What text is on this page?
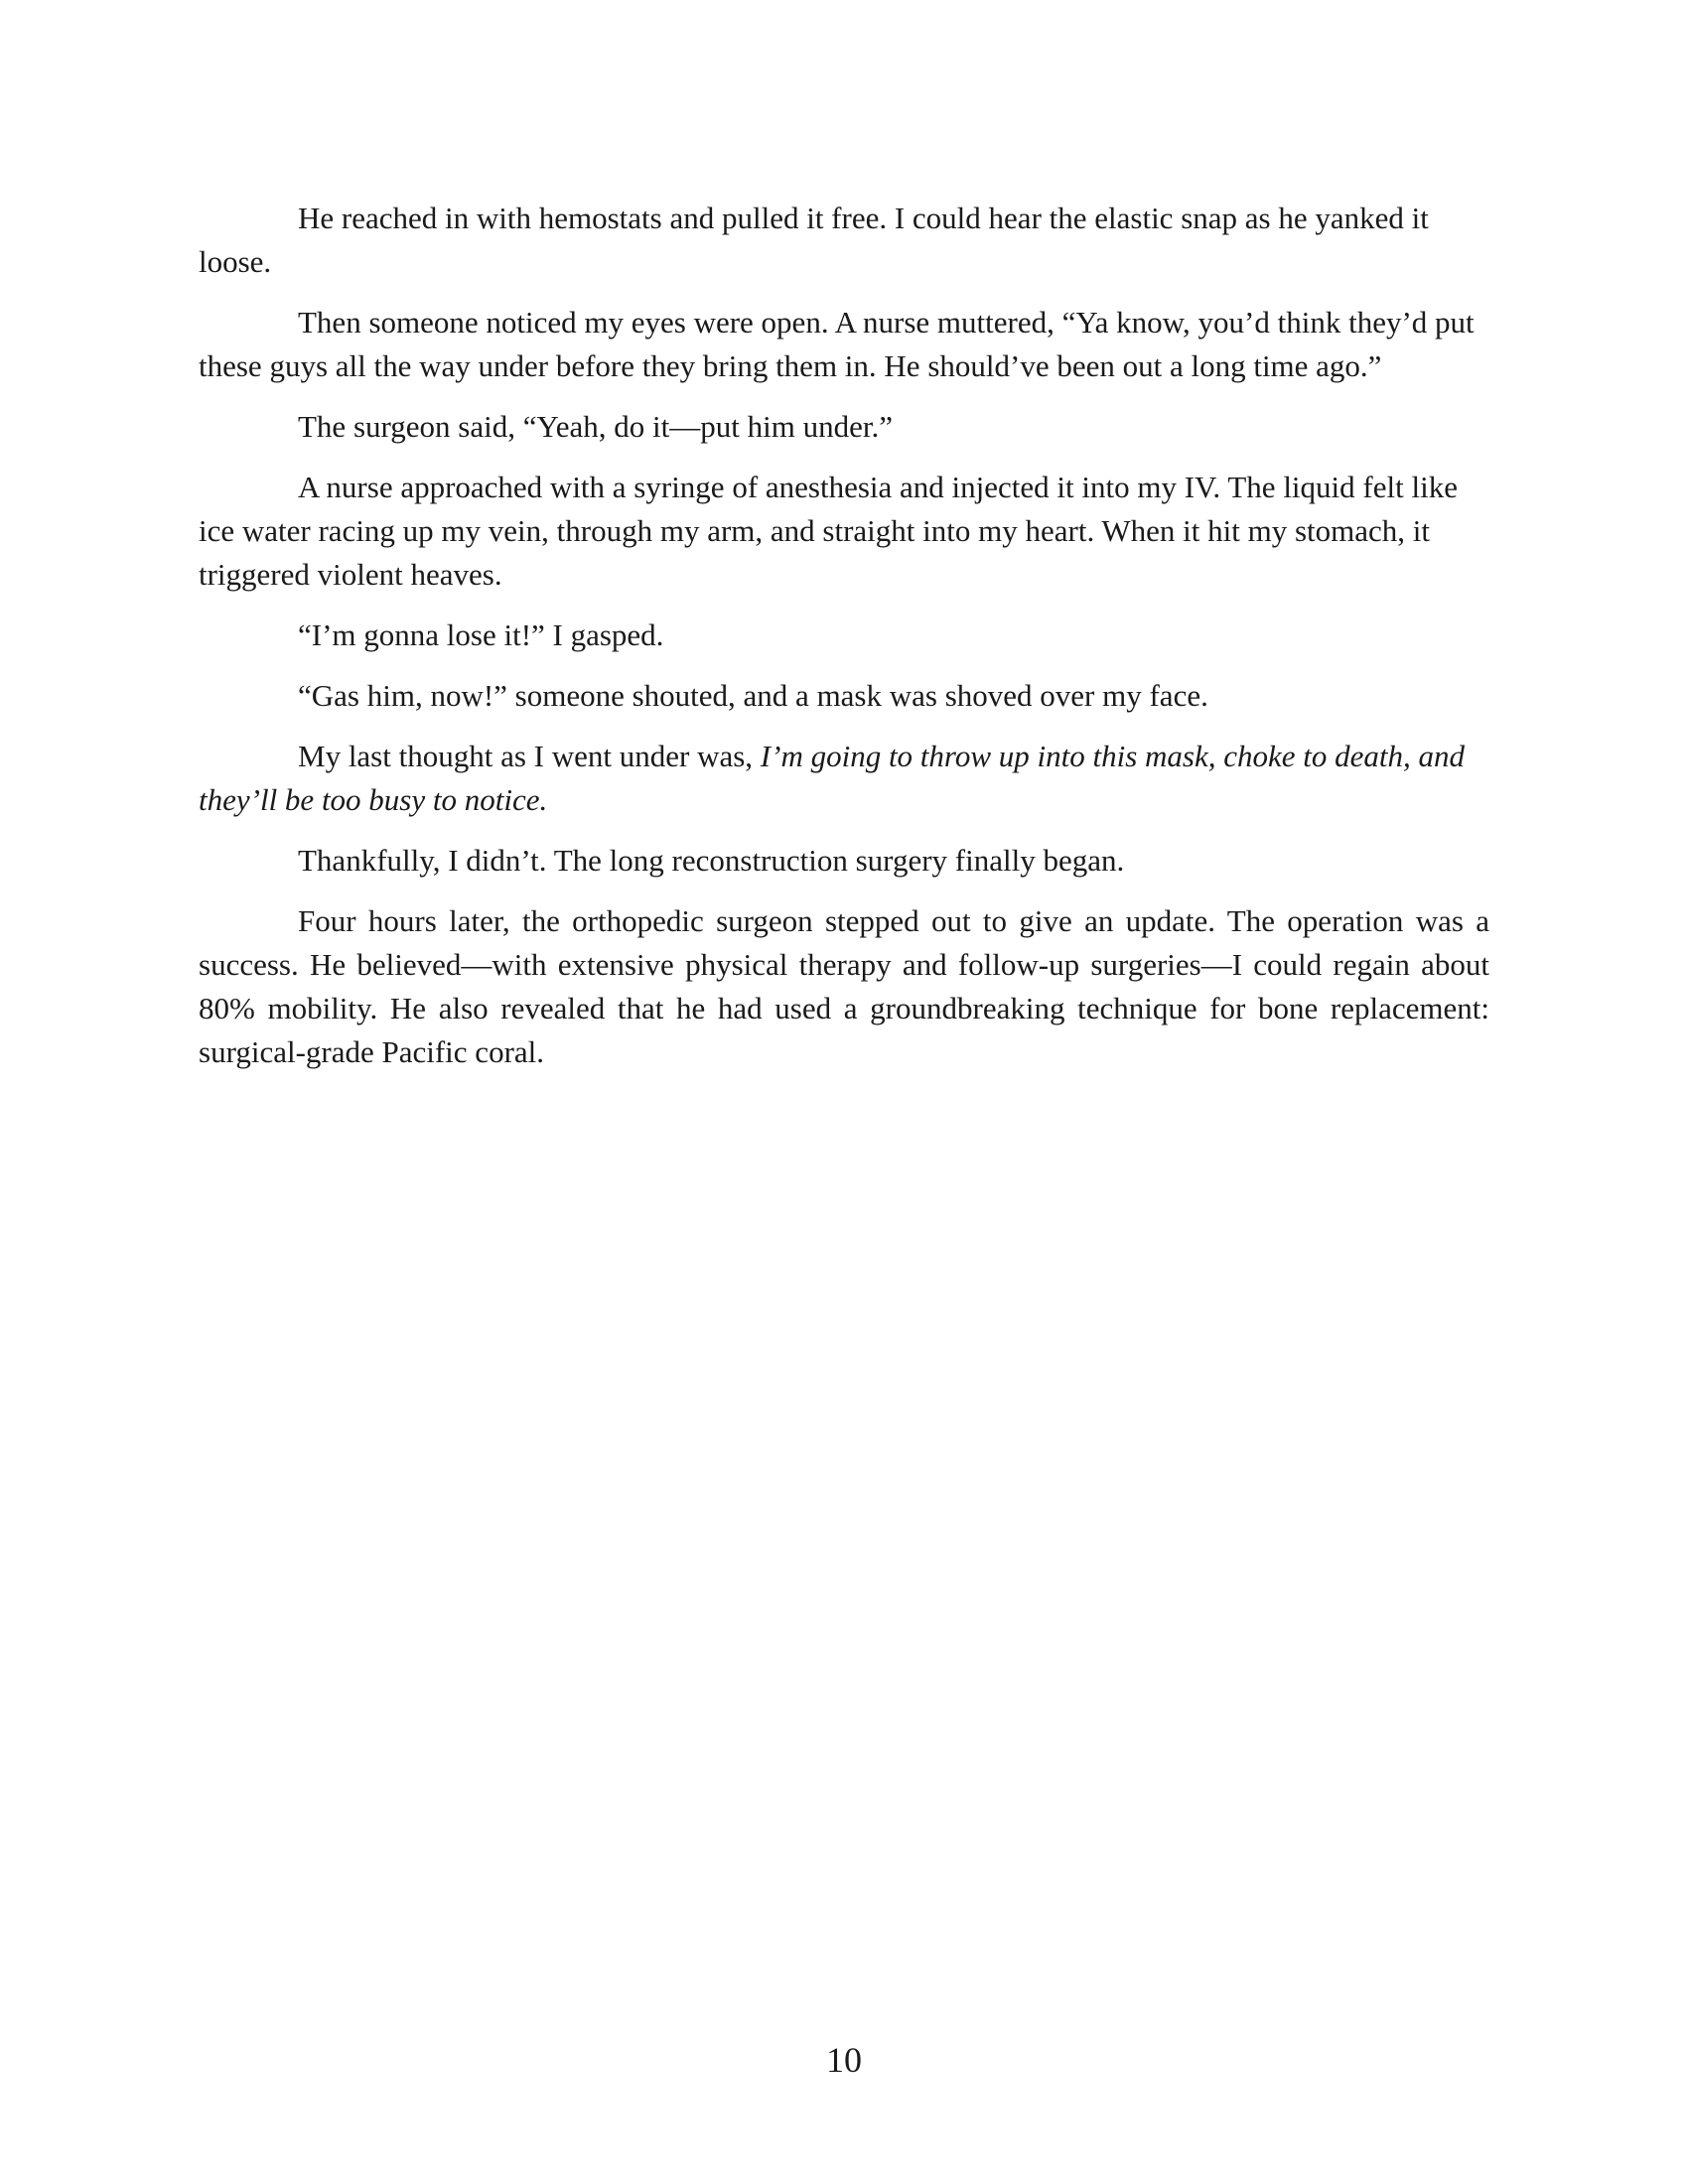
He reached in with hemostats and pulled it free. I could hear the elastic snap as he yanked it loose.

Then someone noticed my eyes were open. A nurse muttered, “Ya know, you’d think they’d put these guys all the way under before they bring them in. He should’ve been out a long time ago.”

The surgeon said, “Yeah, do it—put him under.”

A nurse approached with a syringe of anesthesia and injected it into my IV. The liquid felt like ice water racing up my vein, through my arm, and straight into my heart. When it hit my stomach, it triggered violent heaves.

“I’m gonna lose it!” I gasped.

“Gas him, now!” someone shouted, and a mask was shoved over my face.

My last thought as I went under was, I’m going to throw up into this mask, choke to death, and they’ll be too busy to notice.

Thankfully, I didn’t. The long reconstruction surgery finally began.

Four hours later, the orthopedic surgeon stepped out to give an update. The operation was a success. He believed—with extensive physical therapy and follow-up surgeries—I could regain about 80% mobility. He also revealed that he had used a groundbreaking technique for bone replacement: surgical-grade Pacific coral.

10
